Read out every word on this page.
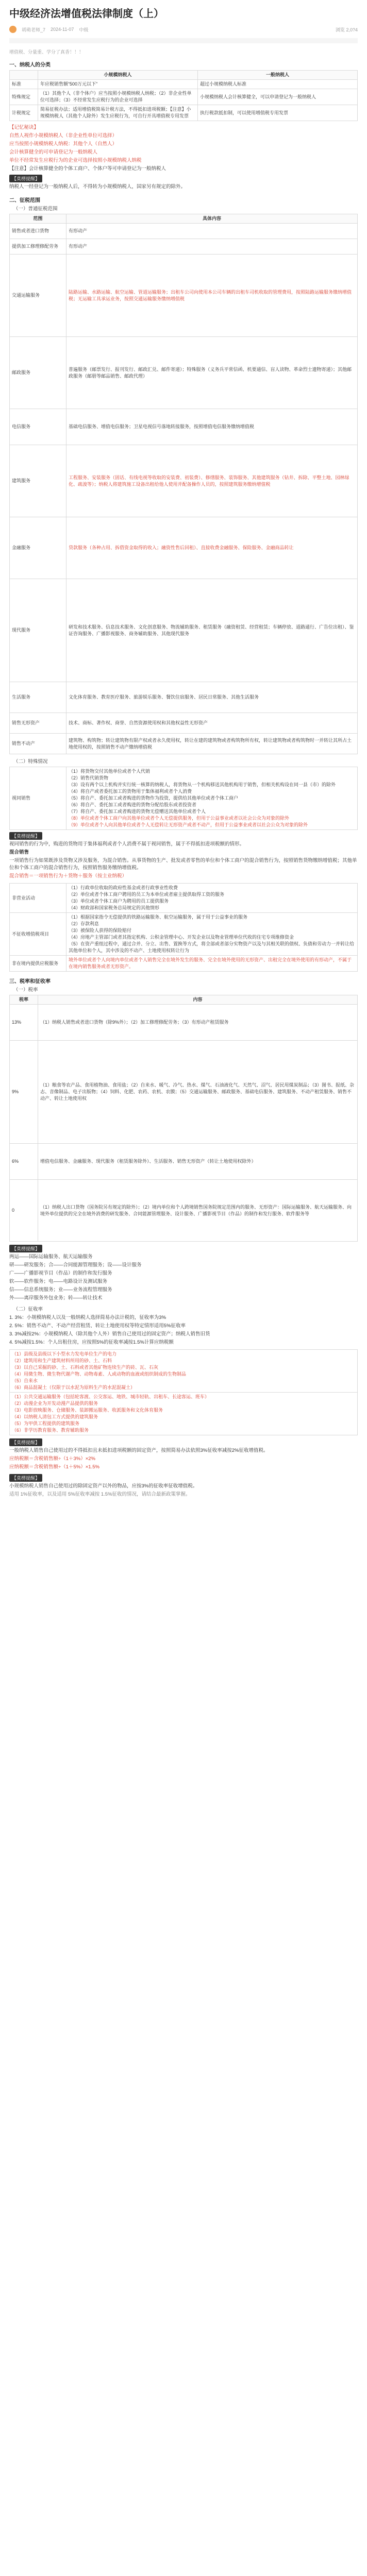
中级经济法增值税法律制度（上）
胡萌老师_7 2024-11-07 中级	浏览 2,0?4
增值税、分量重、学分了真香！！！
一、纳税人的分类
	小规模纳税人	一般纳税人
标准	年应税销售额“500万元以下”	超过小规模纳税人标准
特殊规定	（1）其他个人（非个体户）应当按照小规模纳税人纳税；（2）非企业性单位可选择；（3）不经常发生应税行为的企业可选择	小规模纳税人会计核算健全，可以申请登记为一般纳税人
计税规定	简易征税办法；适用增值税简易计税方法，不得抵扣进项税额；【注意】小规模纳税人（其他个人除外）发生应税行为，可自行开具增值税专用发票	执行税款抵扣制，可以使用增值税专用发票
【记忆秘诀】
自然人视作小规模纳税人（非企业性单位可选择）
应当按照小规模纳税人纳税：其他个人（自然人）
会计核算健全的可申请登记为一般纳税人
单位不经常发生应税行为的企业可选择按照小规模纳税人纳税
【注意】会计核算健全的个体工商户、个体户等可申请登记为一般纳税人
【莫楞提醒】
纳税人一经登记为一般纳税人后，不得转为小规模纳税人，国家另有规定的除外。
二、征税范围
（一）普通征税范围
范围	具体内容
销售或者进口货物	有形动产
提供加工修理修配劳务	有形动产
交通运输服务	陆路运输、水路运输、航空运输、管道运输服务；出租车公司向使用本公司车辆的出租车司机收取的管理费用，按照陆路运输服务缴纳增值税；无运输工具承运业务，按照交通运输服务缴纳增值税
邮政服务	普遍服务（邮票发行、报刊发行、邮政汇兑、邮件寄递）；特殊服务（义务兵平常信函、机要通信、盲人读物、革命烈士遗物寄递）；其他邮政服务（邮册等邮品销售、邮政代理）
电信服务	基础电信服务、增值电信服务；卫星电视信号落地转接服务，按照增值电信服务缴纳增值税
建筑服务	工程服务、安装服务（固话、有线电视等收取的安装费、初装费）、修缮服务、装饰服务、其他建筑服务（钻井、拆除、平整土地、园林绿化、疏浚等）；纳税人将建筑施工设备出租给他人使用并配备操作人员的，按照建筑服务缴纳增值税
金融服务	贷款服务（各种占用、拆借资金取得的收入；融资性售后回租）、直接收费金融服务、保险服务、金融商品转让
现代服务	研发和技术服务、信息技术服务、文化创意服务、物流辅助服务、租赁服务（融资租赁、经营租赁；车辆停放、道路通行、广告位出租）、鉴证咨询服务、广播影视服务、商务辅助服务、其他现代服务
生活服务	文化体育服务、教育医疗服务、旅游娱乐服务、餐饮住宿服务、居民日常服务、其他生活服务
销售无形资产	技术、商标、著作权、商誉、自然资源使用权和其他权益性无形资产
销售不动产	建筑物、构筑物；转让建筑物有限产权或者永久使用权，转让在建的建筑物或者构筑物所有权，转让建筑物或者构筑物时一并转让其所占土地使用权的，按照销售不动产缴纳增值税
（二）特殊情况
视同销售	
（1）将货物交付其他单位或者个人代销
（2）销售代销货物
（3）设有两个以上机构并实行统一核算的纳税人，将货物从一个机构移送其他机构用于销售，但相关机构设在同一县（市）的除外
（4）将自产或者委托加工的货物用于集体福利或者个人消费
（5）将自产、委托加工或者购进的货物作为投资，提供给其他单位或者个体工商户
（6）将自产、委托加工或者购进的货物分配给股东或者投资者
（7）将自产、委托加工或者购进的货物无偿赠送其他单位或者个人
（8）单位或者个体工商户向其他单位或者个人无偿提供服务，但用于公益事业或者以社会公众为对象的除外
（9）单位或者个人向其他单位或者个人无偿转让无形资产或者不动产，但用于公益事业或者以社会公众为对象的除外
【莫楞提醒】
视同销售的行为中，购进的货物用于集体福利或者个人消费不属于视同销售，属于不得抵扣进项税额的情形。
混合销售
一项销售行为如果既涉及货物又涉及服务，为混合销售。从事货物的生产、批发或者零售的单位和个体工商户的混合销售行为，按照销售货物缴纳增值税；其他单位和个体工商户的混合销售行为，按照销售服务缴纳增值税。
混合销售＝一项销售行为＋货物＋服务（按主业纳税）
非营业活动	（1）行政单位收取的政府性基金或者行政事业性收费
（2）单位或者个体工商户聘用的员工为本单位或者雇主提供取得工资的服务
（3）单位或者个体工商户为聘用的员工提供服务
（4）财政部和国家税务总局规定的其他情形

不征收增值税项目	（1）根据国家指令无偿提供的铁路运输服务、航空运输服务，属于用于公益事业的服务
（2）存款利息
（3）被保险人获得的保险赔付
（4）房地产主管部门或者其指定机构、公积金管理中心、开发企业以及物业管理单位代收的住宅专项维修资金
（5）在资产重组过程中，通过合并、分立、出售、置换等方式，将全部或者部分实物资产以及与其相关联的债权、负债和劳动力一并转让给其他单位和个人，其中涉及的不动产、土地使用权转让行为

非在境内提供应税服务	境外单位或者个人向境内单位或者个人销售完全在境外发生的服务、完全在境外使用的无形资产、出租完全在境外使用的有形动产，不属于在境内销售服务或者无形资产。
三、税率和征收率
（一）税率
税率	内容
13%	（1）纳税人销售或者进口货物（除9%外）；（2）加工修理修配劳务；（3）有形动产租赁服务
9%	（1）粮食等农产品、食用植物油、食用盐；（2）自来水、暖气、冷气、热水、煤气、石油液化气、天然气、沼气、居民用煤炭制品；（3）图书、报纸、杂志、音像制品、电子出版物；（4）饲料、化肥、农药、农机、农膜；（5）交通运输服务、邮政服务、基础电信服务、建筑服务、不动产租赁服务、销售不动产、转让土地使用权
6%	增值电信服务、金融服务、现代服务（租赁服务除外）、生活服务、销售无形资产（转让土地使用权除外）
0	（1）纳税人出口货物（国务院另有规定的除外）；（2）境内单位和个人跨境销售国务院规定范围内的服务、无形资产：国际运输服务、航天运输服务、向境外单位提供的完全在境外消费的研发服务、合同能源管理服务、设计服务、广播影视节目（作品）的制作和发行服务、软件服务等
【莫楞提醒】
两运——国际运输服务、航天运输服务
研——研发服务；合——合同能源管理服务；设——设计服务
广——广播影视节目（作品）的制作和发行服务
软——软件服务；电——电路设计及测试服务
信——信息系统服务；业——业务流程管理服务
外——离岸服务外包业务；转——转让技术
（二）征收率
1. 3%：小规模纳税人以及一般纳税人选择简易办法计税的，征收率为3%
2. 5%：销售不动产、不动产经营租赁、转让土地使用权等特定情形适用5%征收率
3. 3%减按2%：小规模纳税人（除其他个人外）销售自己使用过的固定资产；纳税人销售旧货
4. 5%减按1.5%：个人出租住房，应按照5%的征收率减按1.5%计算应纳税额
（1）县级及县级以下小型水力发电单位生产的电力
（2）建筑用和生产建筑材料所用的砂、土、石料
（3）以自己采掘的砂、土、石料或者其他矿物连续生产的砖、瓦、石灰
（4）用微生物、微生物代谢产物、动物毒素、人或动物的血液或组织制成的生物制品
（5）自来水
（6）商品混凝土（仅限于以水泥为原料生产的水泥混凝土）

（1）公共交通运输服务（包括轮客渡、公交客运、地铁、城市轻轨、出租车、长途客运、班车）
（2）动漫企业为开发动漫产品提供的服务
（3）电影放映服务、仓储服务、装卸搬运服务、收派服务和文化体育服务
（4）以纳税人清包工方式提供的建筑服务
（5）为甲供工程提供的建筑服务
（6）非学历教育服务、教育辅助服务
【莫楞提醒】
一般纳税人销售自己使用过的不得抵扣且未抵扣进项税额的固定资产，按照简易办法依照3%征收率减按2%征收增值税。
应纳税额＝含税销售额÷（1＋3%）×2%
应纳税额＝含税销售额÷（1＋5%）×1.5%
【莫楞提醒】
小规模纳税人销售自己使用过的除固定资产以外的物品，应按3%的征收率征收增值税。
适用 1%征收率，以及适用 5%征收率减按 1.5%征收的情况，请结合最新政策掌握。
